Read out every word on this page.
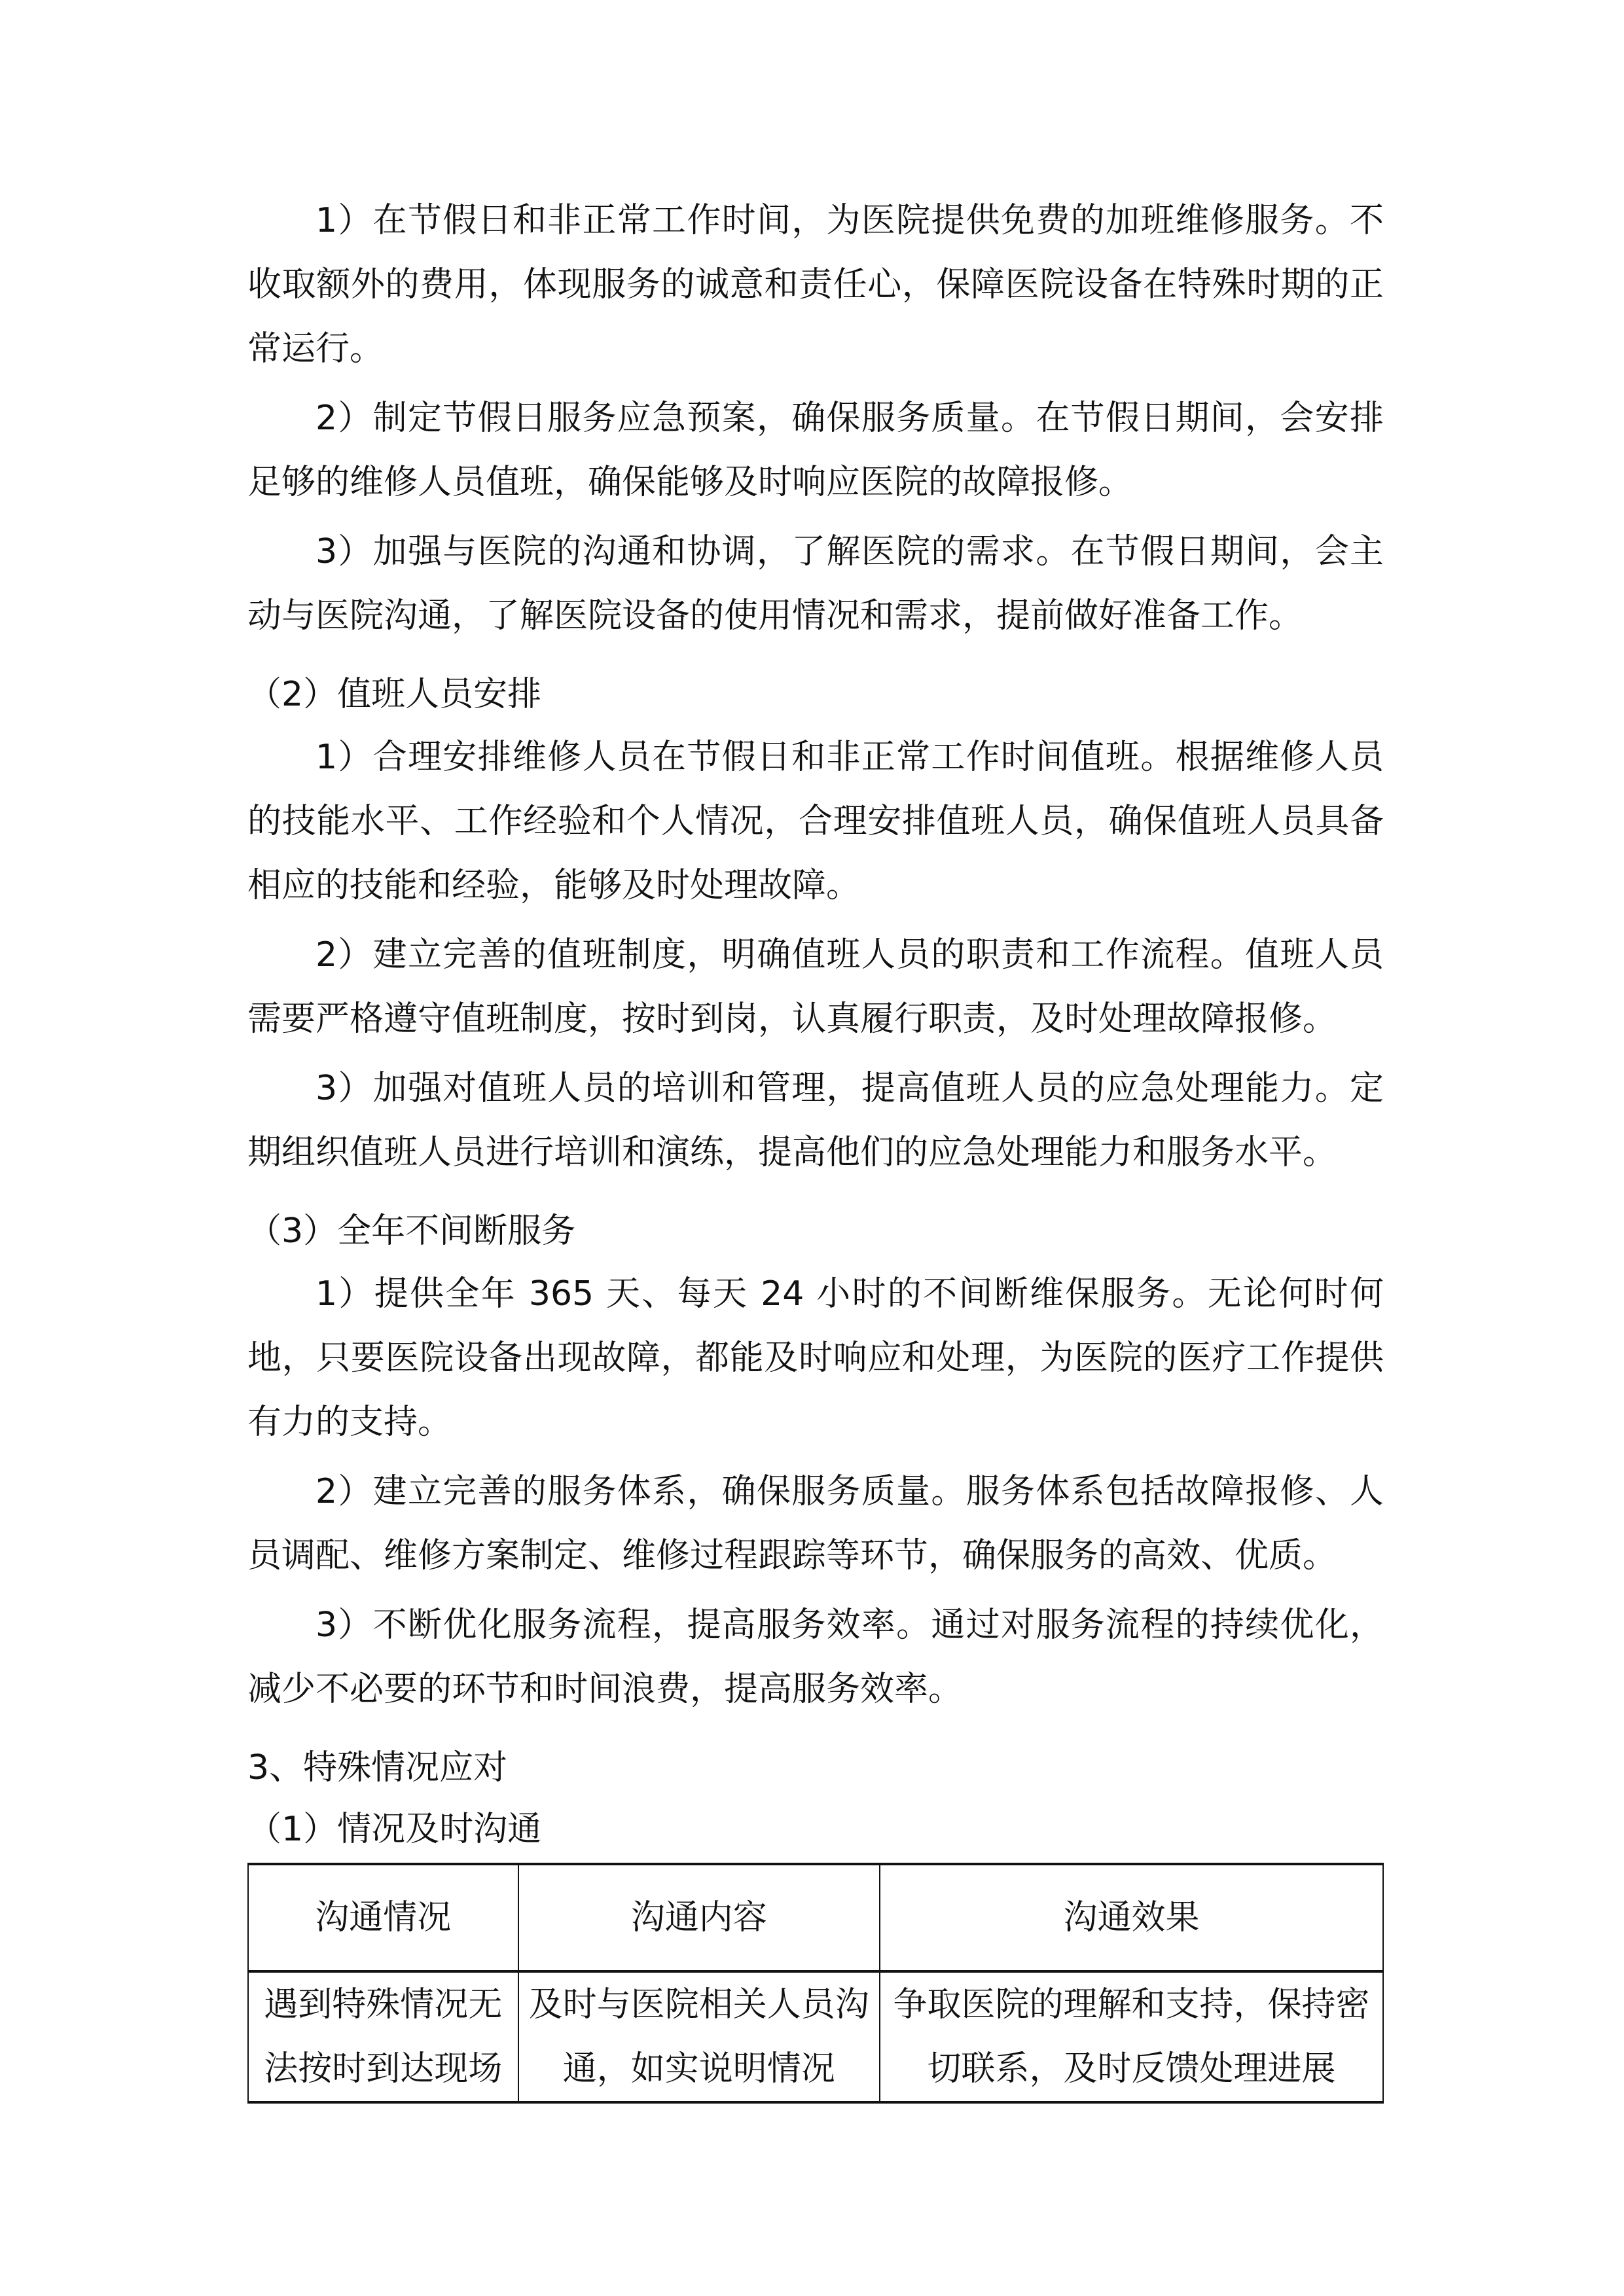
1）在节假日和非正常工作时间，为医院提供免费的加班维修服务。不收取额外的费用，体现服务的诚意和责任心，保障医院设备在特殊时期的正常运行。

2）制定节假日服务应急预案，确保服务质量。在节假日期间，会安排足够的维修人员值班，确保能够及时响应医院的故障报修。

3）加强与医院的沟通和协调，了解医院的需求。在节假日期间，会主动与医院沟通，了解医院设备的使用情况和需求，提前做好准备工作。

（2）值班人员安排

1）合理安排维修人员在节假日和非正常工作时间值班。根据维修人员的技能水平、工作经验和个人情况，合理安排值班人员，确保值班人员具备相应的技能和经验，能够及时处理故障。

2）建立完善的值班制度，明确值班人员的职责和工作流程。值班人员需要严格遵守值班制度，按时到岗，认真履行职责，及时处理故障报修。

3）加强对值班人员的培训和管理，提高值班人员的应急处理能力。定期组织值班人员进行培训和演练，提高他们的应急处理能力和服务水平。

（3）全年不间断服务

1）提供全年 365 天、每天 24 小时的不间断维保服务。无论何时何地，只要医院设备出现故障，都能及时响应和处理，为医院的医疗工作提供有力的支持。

2）建立完善的服务体系，确保服务质量。服务体系包括故障报修、人员调配、维修方案制定、维修过程跟踪等环节，确保服务的高效、优质。

3）不断优化服务流程，提高服务效率。通过对服务流程的持续优化，减少不必要的环节和时间浪费，提高服务效率。

3、特殊情况应对
（1）情况及时沟通
沟通情况	沟通内容	沟通效果
遇到特殊情况无法按时到达现场	及时与医院相关人员沟通，如实说明情况	争取医院的理解和支持，保持密切联系，及时反馈处理进展
